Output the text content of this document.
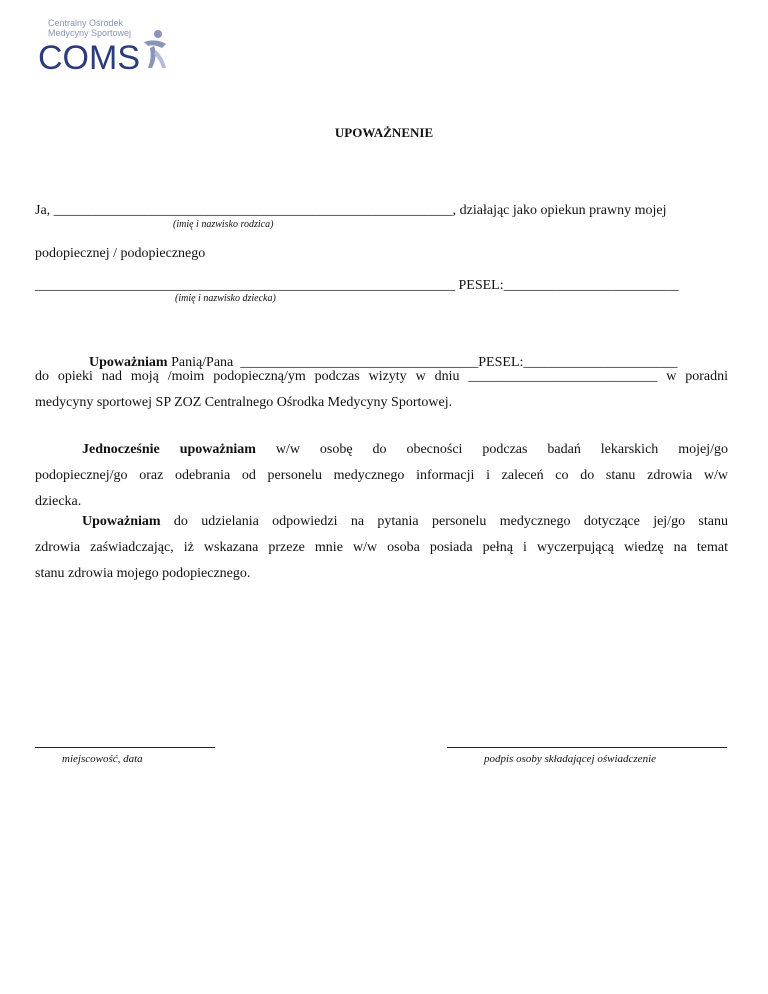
Centralny Ośrodek
Medycyny Sportowej
COMS
UPOWAŻNENIE
Ja, _________________________________________________________, działając jako opiekun prawny mojej
(imię i nazwisko rodzica)
podopiecznej / podopiecznego
____________________________________________________________ PESEL:_________________________
(imię i nazwisko dziecka)

Upoważniam Panią/Pana  __________________________________PESEL:______________________

do opieki nad moją /moim podopieczną/ym podczas wizyty w dniu ___________________________ w poradni
medycyny sportowej SP ZOZ Centralnego Ośrodka Medycyny Sportowej.
Jednocześnie upoważniam w/w osobę do obecności podczas badań lekarskich mojej/go
podopiecznej/go oraz odebrania od personelu medycznego informacji i zaleceń co do stanu zdrowia w/w
dziecka.
Upoważniam do udzielania odpowiedzi na pytania personelu medycznego dotyczące jej/go stanu
zdrowia zaświadczając, iż wskazana przeze mnie w/w osoba posiada pełną i wyczerpującą wiedzę na temat
stanu zdrowia mojego podopiecznego.
miejscowość, data	podpis osoby składającej oświadczenie
